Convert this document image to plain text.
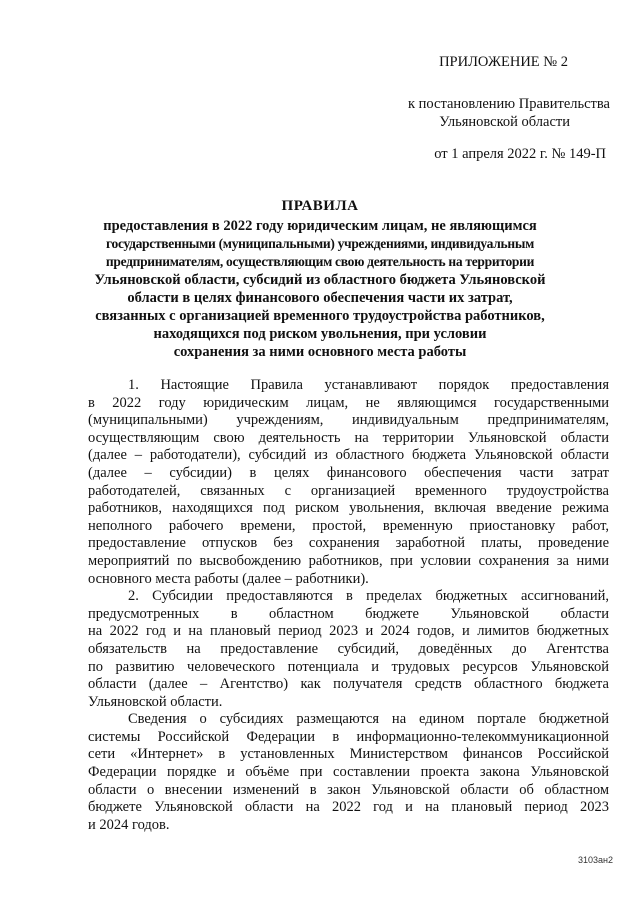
ПРИЛОЖЕНИЕ № 2
к постановлению Правительства
Ульяновской области
от 1 апреля 2022 г. № 149-П
ПРАВИЛА
предоставления в 2022 году юридическим лицам, не являющимся
государственными (муниципальными) учреждениями, индивидуальным
предпринимателям, осуществляющим свою деятельность на территории
Ульяновской области, субсидий из областного бюджета Ульяновской
области в целях финансового обеспечения части их затрат,
связанных с организацией временного трудоустройства работников,
находящихся под риском увольнения, при условии
сохранения за ними основного места работы
1. Настоящие Правила устанавливают порядок предоставления
в 2022 году юридическим лицам, не являющимся государственными
(муниципальными) учреждениям, индивидуальным предпринимателям,
осуществляющим свою деятельность на территории Ульяновской области
(далее – работодатели), субсидий из областного бюджета Ульяновской области
(далее – субсидии) в целях финансового обеспечения части затрат
работодателей, связанных с организацией временного трудоустройства
работников, находящихся под риском увольнения, включая введение режима
неполного рабочего времени, простой, временную приостановку работ,
предоставление отпусков без сохранения заработной платы, проведение
мероприятий по высвобождению работников, при условии сохранения за ними
основного места работы (далее – работники).
2. Субсидии предоставляются в пределах бюджетных ассигнований,
предусмотренных в областном бюджете Ульяновской области
на 2022 год и на плановый период 2023 и 2024 годов, и лимитов бюджетных
обязательств на предоставление субсидий, доведённых до Агентства
по развитию человеческого потенциала и трудовых ресурсов Ульяновской
области (далее – Агентство) как получателя средств областного бюджета
Ульяновской области.
Сведения о субсидиях размещаются на едином портале бюджетной
системы Российской Федерации в информационно-телекоммуникационной
сети «Интернет» в установленных Министерством финансов Российской
Федерации порядке и объёме при составлении проекта закона Ульяновской
области о внесении изменений в закон Ульяновской области об областном
бюджете Ульяновской области на 2022 год и на плановый период 2023
и 2024 годов.
3103ан2
